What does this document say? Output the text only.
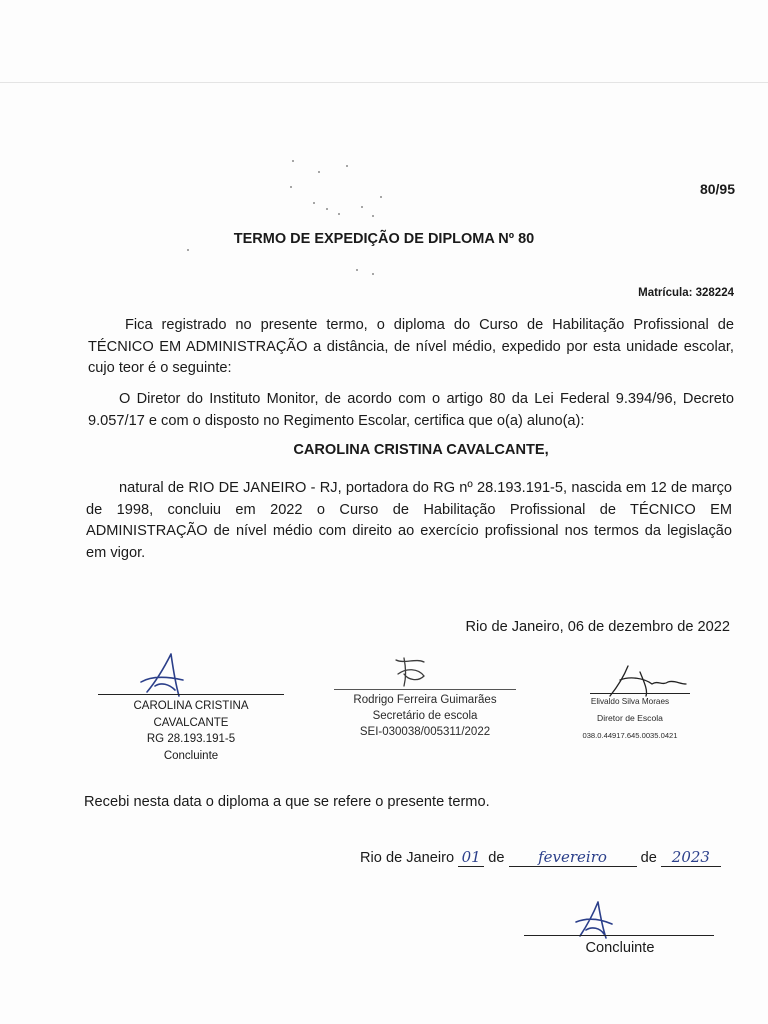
80/95
TERMO DE EXPEDIÇÃO DE DIPLOMA Nº 80
Matrícula: 328224
Fica registrado no presente termo, o diploma do Curso de Habilitação Profissional de TÉCNICO EM ADMINISTRAÇÃO a distância, de nível médio, expedido por esta unidade escolar, cujo teor é o seguinte:
O Diretor do Instituto Monitor, de acordo com o artigo 80 da Lei Federal 9.394/96, Decreto 9.057/17 e com o disposto no Regimento Escolar, certifica que o(a) aluno(a):
CAROLINA CRISTINA CAVALCANTE,
natural de RIO DE JANEIRO - RJ, portadora do RG nº 28.193.191-5, nascida em 12 de março de 1998, concluiu em 2022 o Curso de Habilitação Profissional de TÉCNICO EM ADMINISTRAÇÃO de nível médio com direito ao exercício profissional nos termos da legislação em vigor.
Rio de Janeiro, 06 de dezembro de 2022
CAROLINA CRISTINA
CAVALCANTE
RG 28.193.191-5
Concluinte
Rodrigo Ferreira Guimarães
Secretário de escola
SEI-030038/005311/2022
Elivaldo Silva Moraes
Diretor de Escola
038.0.44917.645.0035.0421
Recebi nesta data o diploma a que se refere o presente termo.
Rio de Janeiro 01 de fevereiro de 2023
Concluinte
